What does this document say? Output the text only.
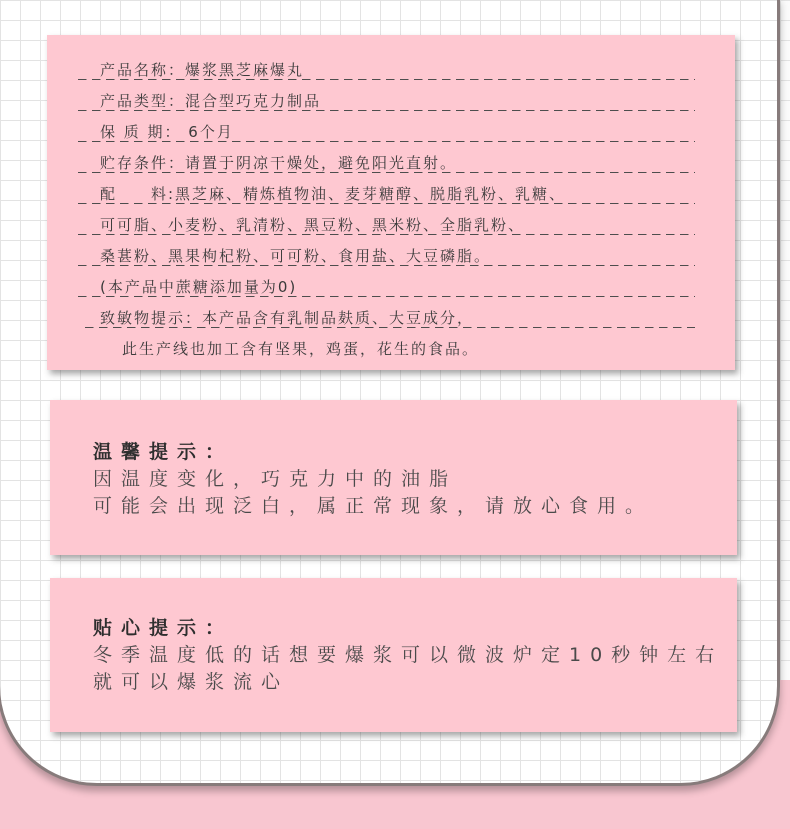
产品名称：爆浆黑芝麻爆丸
产品类型：混合型巧克力制品
保 质 期： 6个月
贮存条件：请置于阴凉干燥处，避免阳光直射。
配　　料:黑芝麻、精炼植物油、麦芽糖醇、脱脂乳粉、乳糖、
可可脂、小麦粉、乳清粉、黑豆粉、黑米粉、全脂乳粉、
桑葚粉、黑果枸杞粉、可可粉、食用盐、大豆磷脂。
(本产品中蔗糖添加量为0)
致敏物提示：本产品含有乳制品麸质、大豆成分，
此生产线也加工含有坚果，鸡蛋，花生的食品。
温馨提示：
因温度变化，巧克力中的油脂
可能会出现泛白，属正常现象，请放心食用。
贴心提示：
冬季温度低的话想要爆浆可以微波炉定10秒钟左右
就可以爆浆流心
